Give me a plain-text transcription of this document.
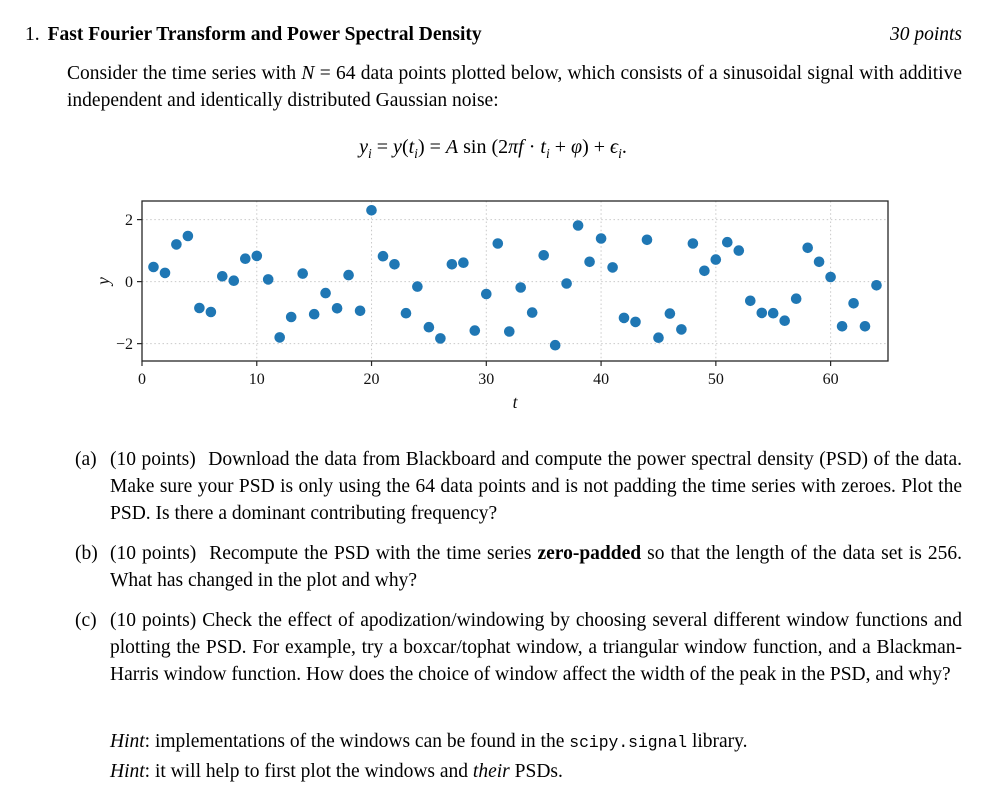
1. Fast Fourier Transform and Power Spectral Density	30 points

Consider the time series with N = 64 data points plotted below, which consists of a sinusoidal signal with additive independent and identically distributed Gaussian noise:

$y_i = y(t_i) = A$ $\sin (2\pi f \cdot t_i + \varphi) + \epsilon_i$.
0	10	20	30	40	50	60
−2
0
2
t
y
(a) (10 points) Download the data from Blackboard and compute the power spectral density (PSD) of the data. Make sure your PSD is only using the 64 data points and is not padding the time series with zeroes. Plot the PSD. Is there a dominant contributing frequency?
(b) (10 points) Recompute the PSD with the time series zero-padded so that the length of the data set is 256. What has changed in the plot and why?
(c) (10 points) Check the effect of apodization/windowing by choosing several different window functions and plotting the PSD. For example, try a boxcar/tophat window, a triangular window function, and a Blackman-Harris window function. How does the choice of window affect the width of the peak in the PSD, and why?

Hint: implementations of the windows can be found in the scipy.signal library.

Hint: it will help to first plot the windows and their PSDs.
